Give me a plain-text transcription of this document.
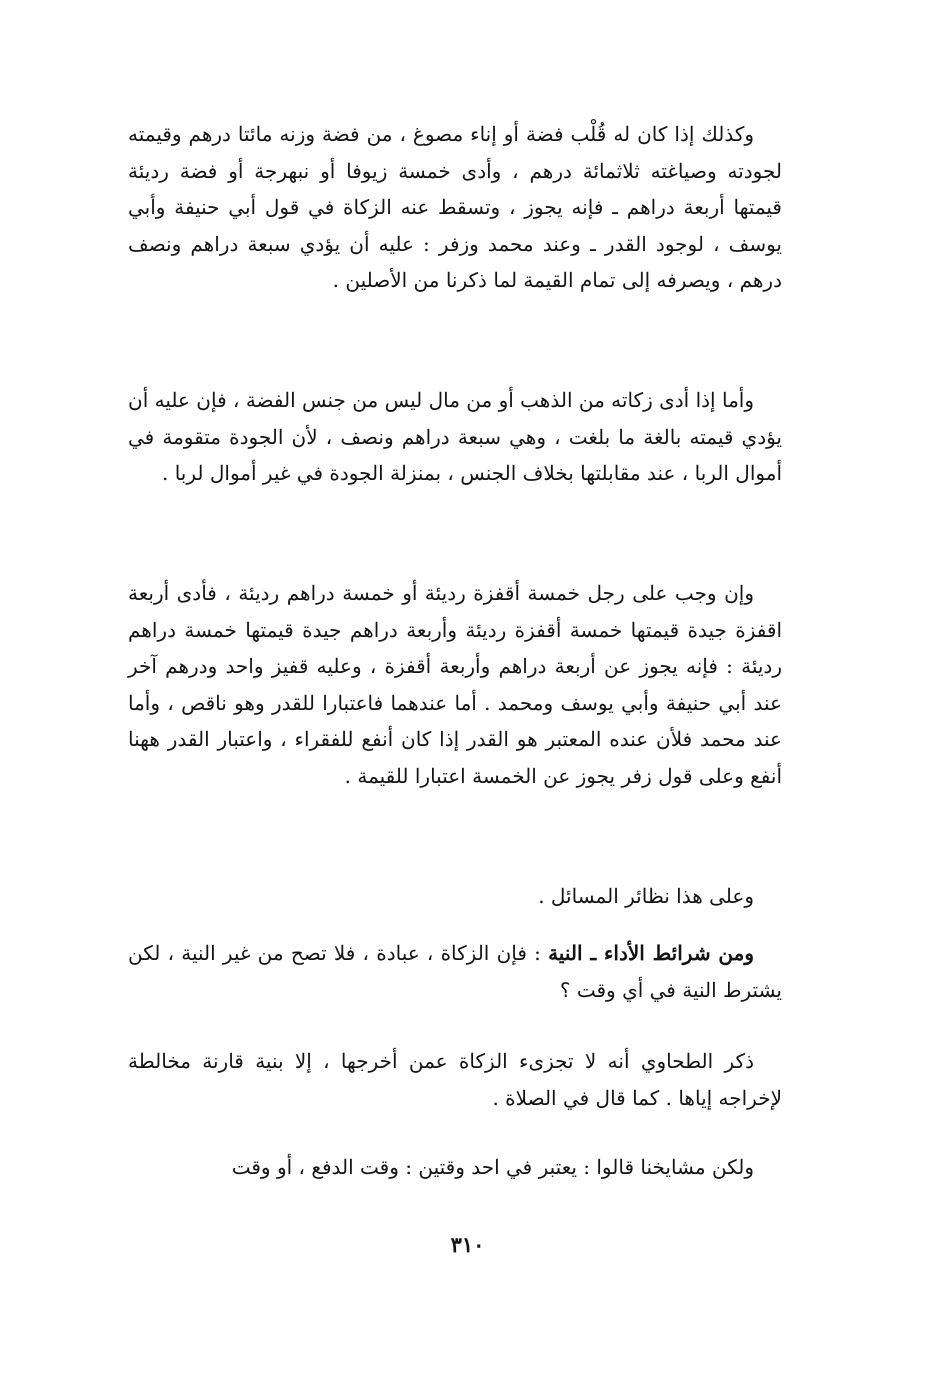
وكذلك إذا كان له قُلْب فضة أو إناء مصوغ ، من فضة وزنه مائتا درهم وقيمته لجودته وصياغته ثلاثمائة درهم ، وأدى خمسة زيوفا أو نبهرجة أو فضة رديئة قيمتها أربعة دراهم ـ فإنه يجوز ، وتسقط عنه الزكاة في قول أبي حنيفة وأبي يوسف ، لوجود القدر ـ وعند محمد وزفر : عليه أن يؤدي سبعة دراهم ونصف درهم ، ويصرفه إلى تمام القيمة لما ذكرنا من الأصلين .

وأما إذا أدى زكاته من الذهب أو من مال ليس من جنس الفضة ، فإن عليه أن يؤدي قيمته بالغة ما بلغت ، وهي سبعة دراهم ونصف ، لأن الجودة متقومة في أموال الربا ، عند مقابلتها بخلاف الجنس ، بمنزلة الجودة في غير أموال لربا .

وإن وجب على رجل خمسة أقفزة رديئة أو خمسة دراهم رديئة ، فأدى أربعة اقفزة جيدة قيمتها خمسة أقفزة رديئة وأربعة دراهم جيدة قيمتها خمسة دراهم رديئة : فإنه يجوز عن أربعة دراهم وأربعة أقفزة ، وعليه قفيز واحد ودرهم آخر عند أبي حنيفة وأبي يوسف ومحمد . أما عندهما فاعتبارا للقدر وهو ناقص ، وأما عند محمد فلأن عنده المعتبر هو القدر إذا كان أنفع للفقراء ، واعتبار القدر ههنا أنفع وعلى قول زفر يجوز عن الخمسة اعتبارا للقيمة .

وعلى هذا نظائر المسائل .

ومن شرائط الأداء ـ النية : فإن الزكاة ، عبادة ، فلا تصح من غير النية ، لكن يشترط النية في أي وقت ؟

ذكر الطحاوي أنه لا تجزىء الزكاة عمن أخرجها ، إلا بنية قارنة مخالطة لإخراجه إياها . كما قال في الصلاة .

ولكن مشايخنا قالوا : يعتبر في احد وقتين : وقت الدفع ، أو وقت

٣١٠
